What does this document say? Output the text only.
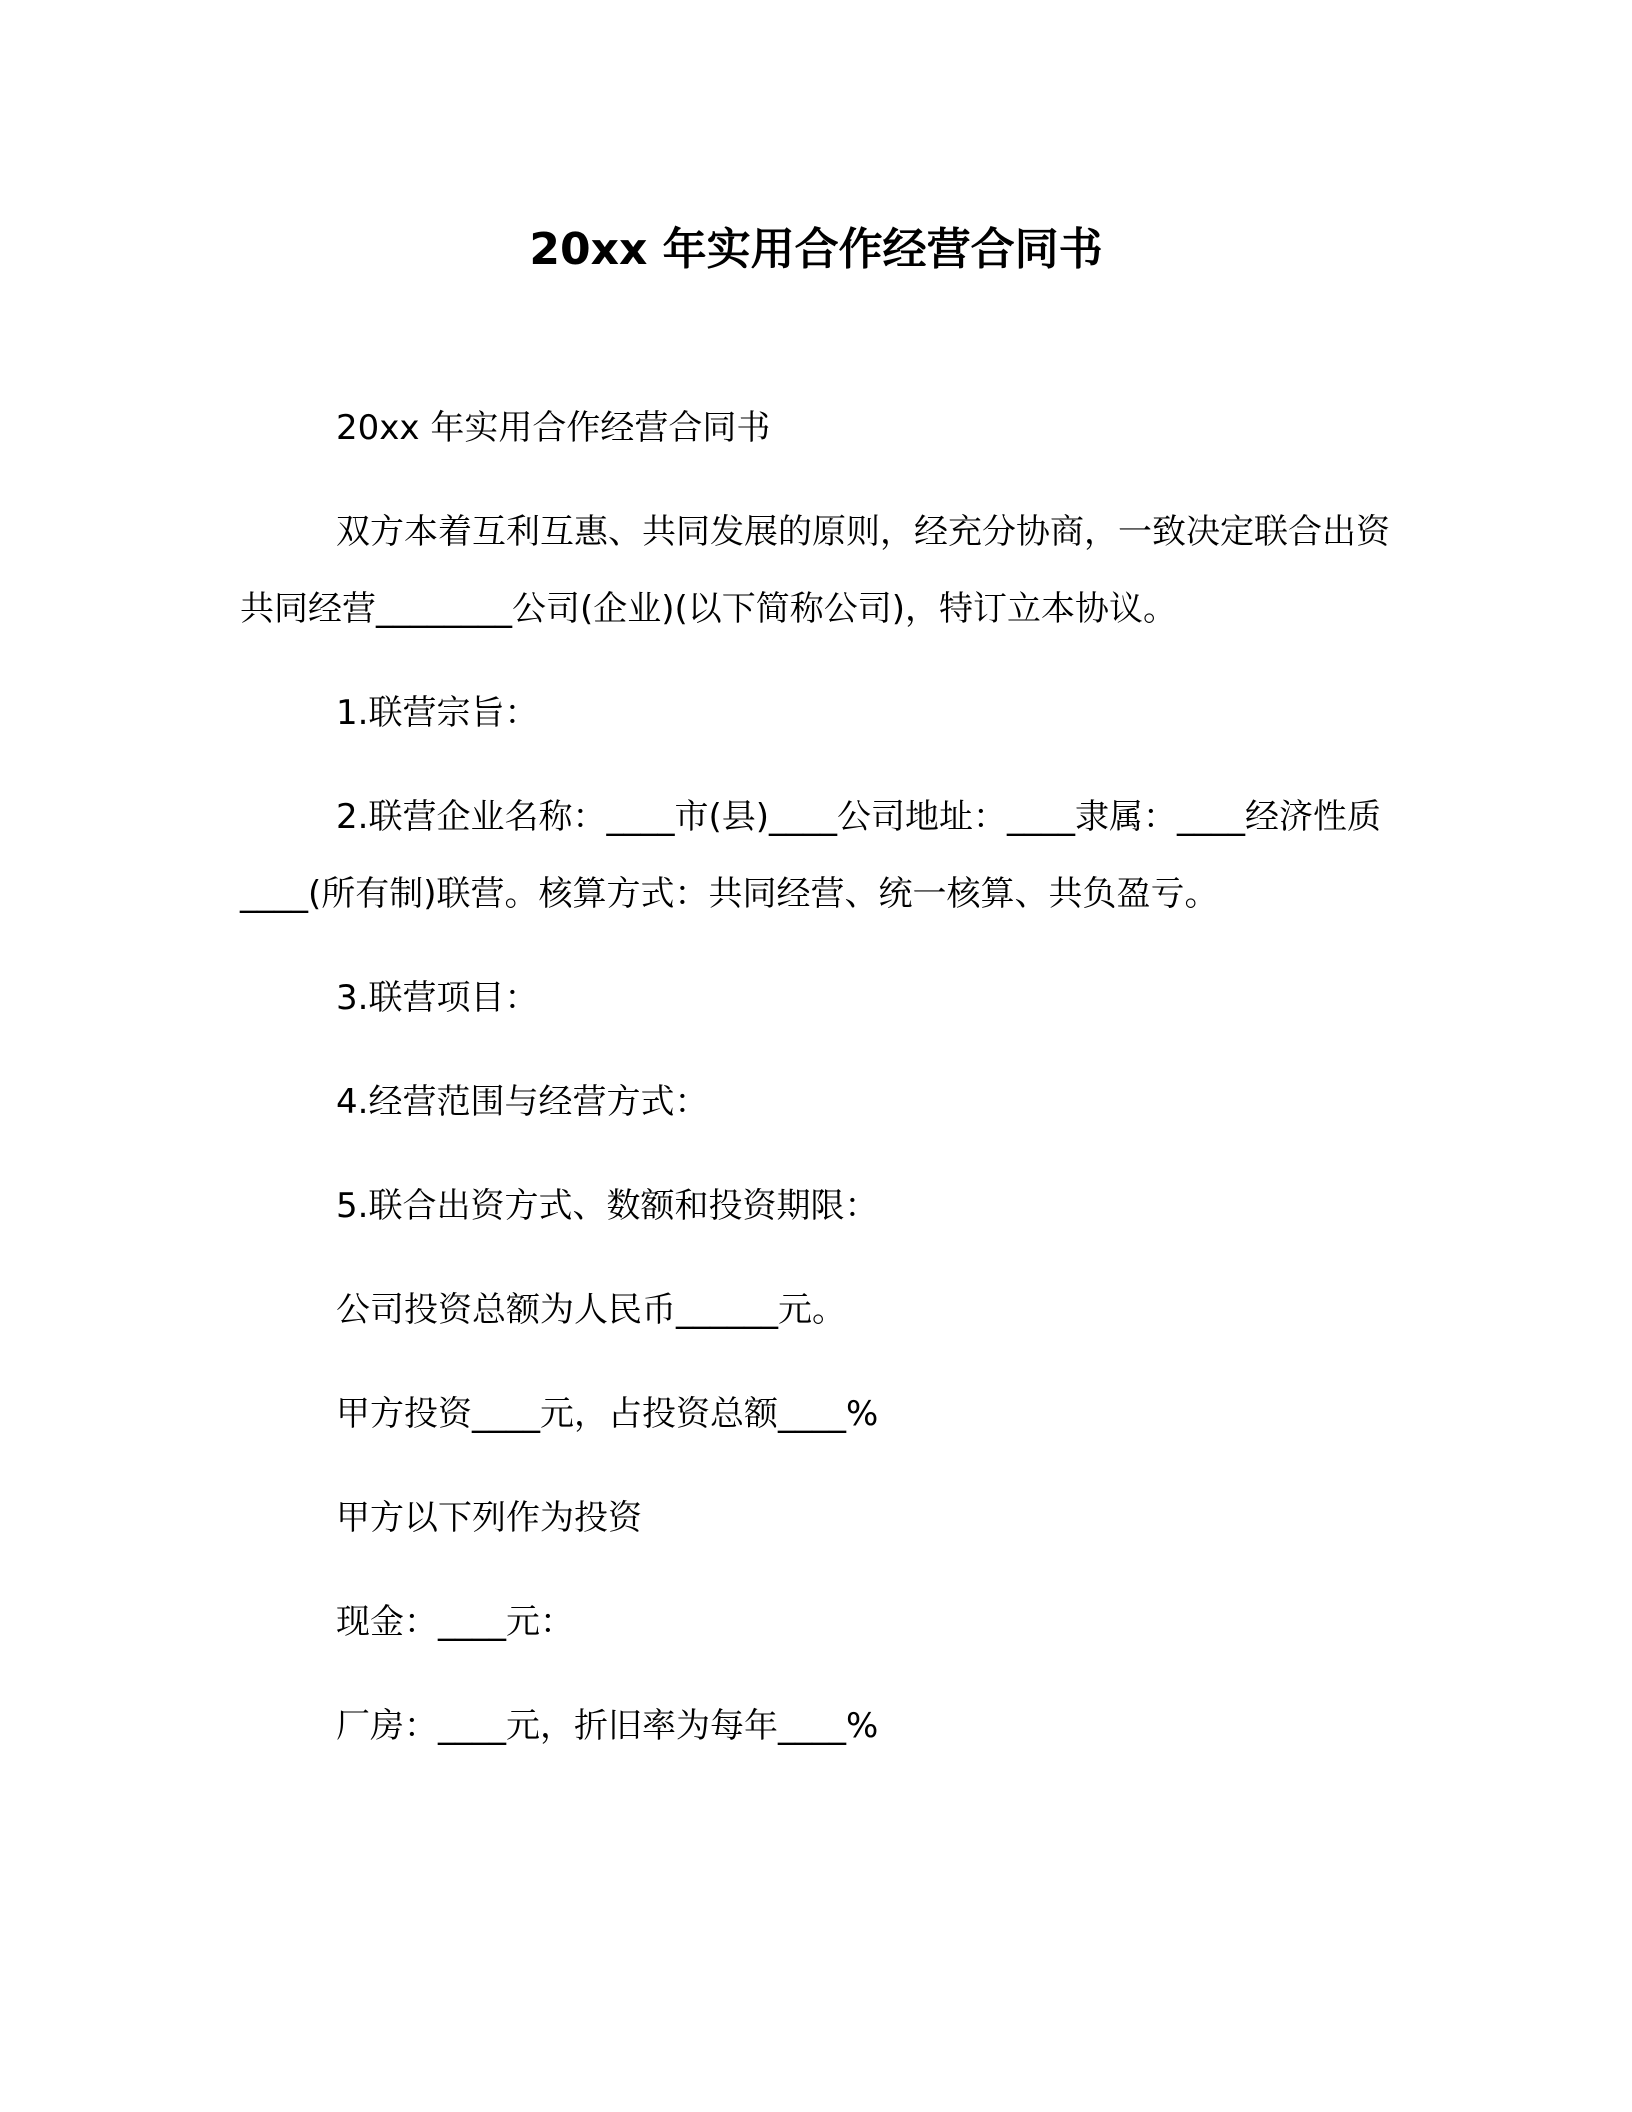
20xx 年实用合作经营合同书

20xx 年实用合作经营合同书

双方本着互利互惠、共同发展的原则，经充分协商，一致决定联合出资共同经营________公司(企业)(以下简称公司)，特订立本协议。

1.联营宗旨：

2.联营企业名称：____市(县)____公司地址：____隶属：____经济性质____(所有制)联营。核算方式：共同经营、统一核算、共负盈亏。

3.联营项目：

4.经营范围与经营方式：

5.联合出资方式、数额和投资期限：

公司投资总额为人民币______元。

甲方投资____元，占投资总额____%

甲方以下列作为投资

现金：____元：

厂房：____元，折旧率为每年____%
